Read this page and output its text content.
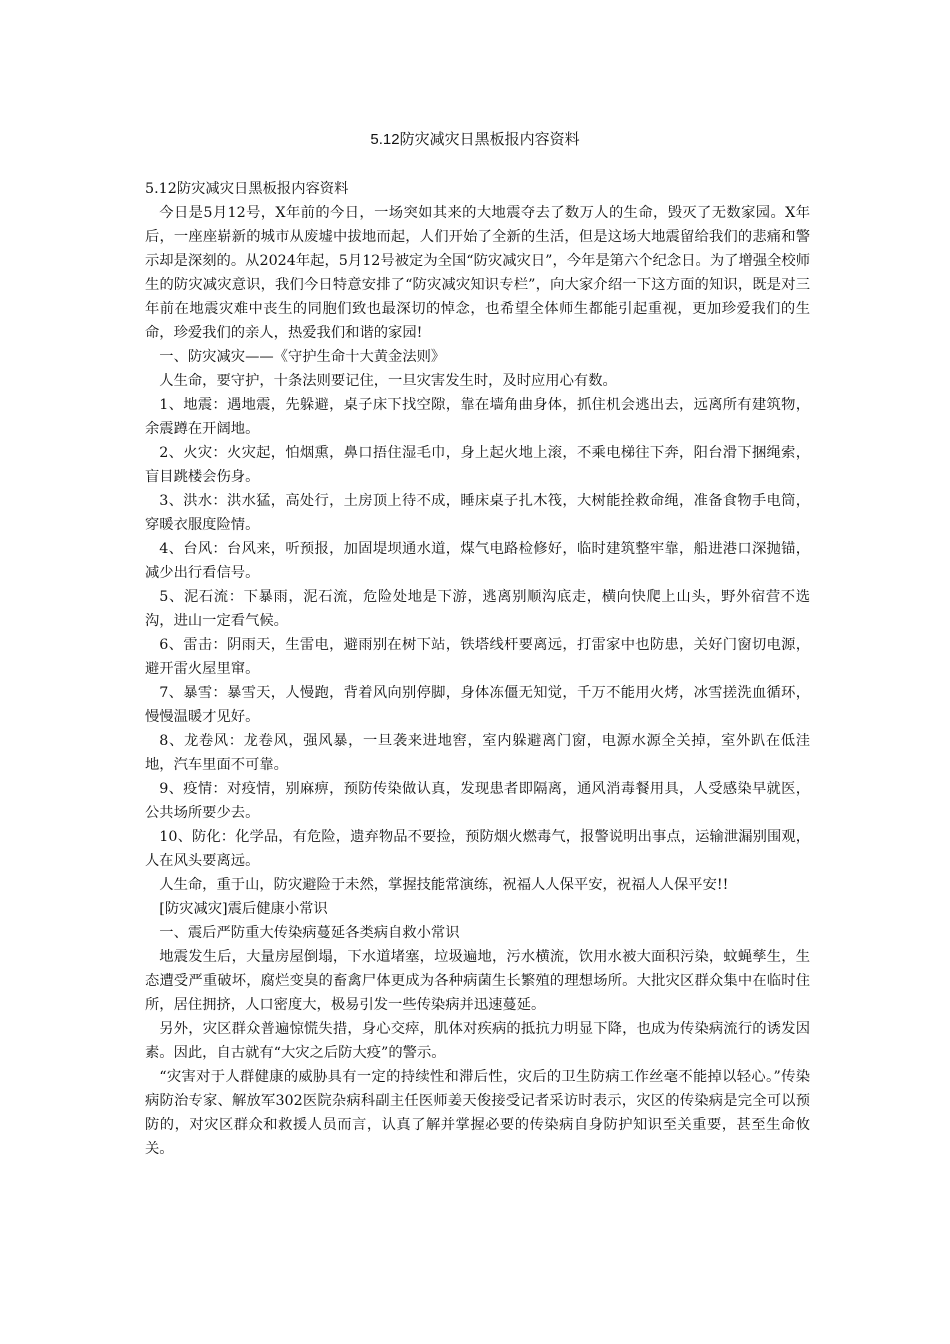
5.12防灾减灾日黑板报内容资料

5.12防灾减灾日黑板报内容资料

今日是5月12号，X年前的今日，一场突如其来的大地震夺去了数万人的生命，毁灭了无数家园。X年后，一座座崭新的城市从废墟中拔地而起，人们开始了全新的生活，但是这场大地震留给我们的悲痛和警示却是深刻的。从2024年起，5月12号被定为全国“防灾减灾日”，今年是第六个纪念日。为了增强全校师生的防灾减灾意识，我们今日特意安排了“防灾减灾知识专栏”，向大家介绍一下这方面的知识，既是对三年前在地震灾难中丧生的同胞们致也最深切的悼念，也希望全体师生都能引起重视，更加珍爱我们的生命，珍爱我们的亲人，热爱我们和谐的家园!

一、防灾减灾——《守护生命十大黄金法则》

人生命，要守护，十条法则要记住，一旦灾害发生时，及时应用心有数。

1、地震：遇地震，先躲避，桌子床下找空隙，靠在墙角曲身体，抓住机会逃出去，远离所有建筑物，余震蹲在开阔地。

2、火灾：火灾起，怕烟熏，鼻口捂住湿毛巾，身上起火地上滚，不乘电梯往下奔，阳台滑下捆绳索，盲目跳楼会伤身。

3、洪水：洪水猛，高处行，土房顶上待不成，睡床桌子扎木筏，大树能拴救命绳，准备食物手电筒，穿暖衣服度险情。

4、台风：台风来，听预报，加固堤坝通水道，煤气电路检修好，临时建筑整牢靠，船进港口深抛锚，减少出行看信号。

5、泥石流：下暴雨，泥石流，危险处地是下游，逃离别顺沟底走，横向快爬上山头，野外宿营不选沟，进山一定看气候。

6、雷击：阴雨天，生雷电，避雨别在树下站，铁塔线杆要离远，打雷家中也防患，关好门窗切电源，避开雷火屋里窜。

7、暴雪：暴雪天，人慢跑，背着风向别停脚，身体冻僵无知觉，千万不能用火烤，冰雪搓洗血循环，慢慢温暖才见好。

8、龙卷风：龙卷风，强风暴，一旦袭来进地窖，室内躲避离门窗，电源水源全关掉，室外趴在低洼地，汽车里面不可靠。

9、疫情：对疫情，别麻痹，预防传染做认真，发现患者即隔离，通风消毒餐用具，人受感染早就医，公共场所要少去。

10、防化：化学品，有危险，遗弃物品不要捡，预防烟火燃毒气，报警说明出事点，运输泄漏别围观，人在风头要离远。

人生命，重于山，防灾避险于未然，掌握技能常演练，祝福人人保平安，祝福人人保平安!!

[防灾减灾]震后健康小常识

一、震后严防重大传染病蔓延各类病自救小常识

地震发生后，大量房屋倒塌，下水道堵塞，垃圾遍地，污水横流，饮用水被大面积污染，蚊蝇孳生，生态遭受严重破坏，腐烂变臭的畜禽尸体更成为各种病菌生长繁殖的理想场所。大批灾区群众集中在临时住所，居住拥挤，人口密度大，极易引发一些传染病并迅速蔓延。

另外，灾区群众普遍惊慌失措，身心交瘁，肌体对疾病的抵抗力明显下降，也成为传染病流行的诱发因素。因此，自古就有“大灾之后防大疫”的警示。

“灾害对于人群健康的威胁具有一定的持续性和滞后性，灾后的卫生防病工作丝毫不能掉以轻心。”传染病防治专家、解放军302医院杂病科副主任医师姜天俊接受记者采访时表示，灾区的传染病是完全可以预防的，对灾区群众和救援人员而言，认真了解并掌握必要的传染病自身防护知识至关重要，甚至生命攸关。
